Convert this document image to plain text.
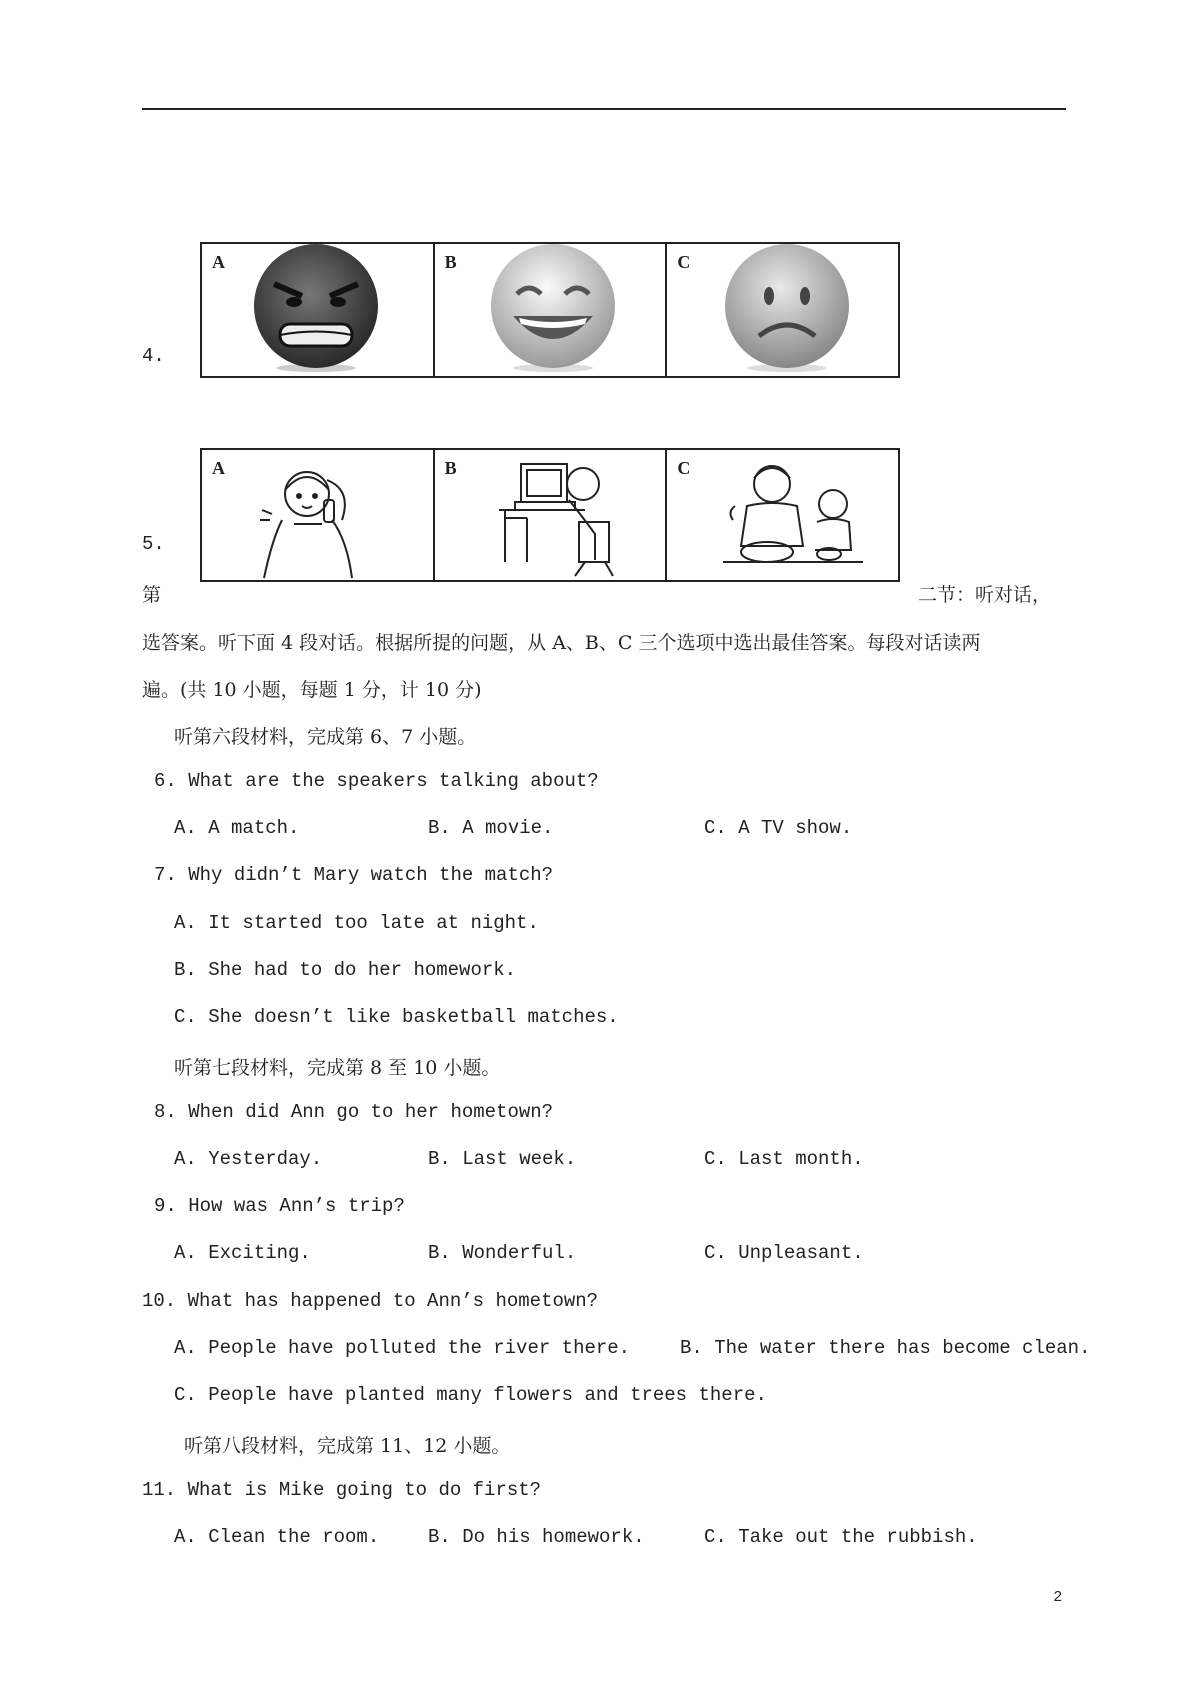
4.
A	B	C
5.
A	B	C
第	二节：听对话，
选答案。听下面 4 段对话。根据所提的问题，从 A、B、C 三个选项中选出最佳答案。每段对话读两
遍。(共 10 小题，每题 1 分，计 10 分)
听第六段材料，完成第 6、7 小题。
6. What are the speakers talking about?
A. A match.	B. A movie.	C. A TV show.
7. Why didn’t Mary watch the match?
A. It started too late at night.
B. She had to do her homework.
C. She doesn’t like basketball matches.
听第七段材料，完成第 8 至 10 小题。
8. When did Ann go to her hometown?
A. Yesterday.	B. Last week.	C. Last month.
9. How was Ann’s trip?
A. Exciting.	B. Wonderful.	C. Unpleasant.
10. What has happened to Ann’s hometown?
A. People have polluted the river there.	B. The water there has become clean.
C. People have planted many flowers and trees there.
听第八段材料，完成第 11、12 小题。
11. What is Mike going to do first?
A. Clean the room.	B. Do his homework.	C. Take out the rubbish.
2
